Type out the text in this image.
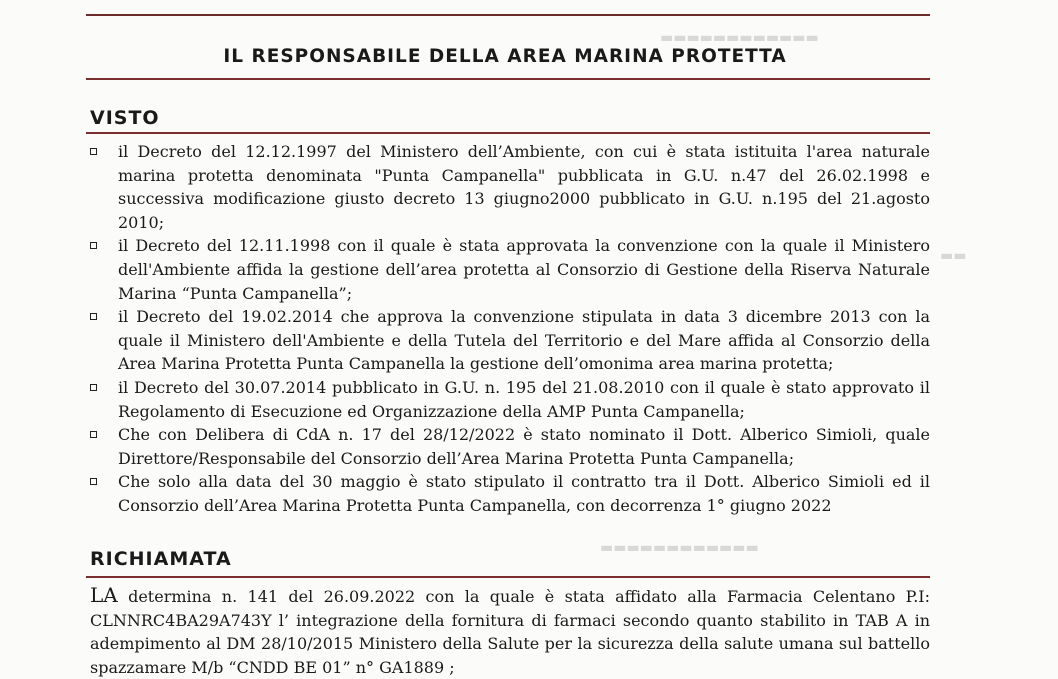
▬▬▬▬▬▬▬▬▬▬▬▬
▬▬
▬▬▬▬▬▬▬▬▬▬▬▬
IL RESPONSABILE DELLA AREA MARINA PROTETTA
VISTO
il Decreto del 12.12.1997 del Ministero dell’Ambiente, con cui è stata istituita l'area naturale marina protetta denominata "Punta Campanella" pubblicata in G.U. n.47 del 26.02.1998 e successiva modificazione giusto decreto 13 giugno2000 pubblicato in G.U. n.195 del 21.agosto 2010;
il Decreto del 12.11.1998 con il quale è stata approvata la convenzione con la quale il Ministero dell'Ambiente affida la gestione dell’area protetta al Consorzio di Gestione della Riserva Naturale Marina “Punta Campanella”;
il Decreto del 19.02.2014 che approva la convenzione stipulata in data 3 dicembre 2013 con la quale il Ministero dell'Ambiente e della Tutela del Territorio e del Mare affida al Consorzio della Area Marina Protetta Punta Campanella la gestione dell’omonima area marina protetta;
il Decreto del 30.07.2014 pubblicato in G.U. n. 195 del 21.08.2010 con il quale è stato approvato il Regolamento di Esecuzione ed Organizzazione della AMP Punta Campanella;
Che con Delibera di CdA n. 17 del 28/12/2022 è stato nominato il Dott. Alberico Simioli, quale Direttore/Responsabile del Consorzio dell’Area Marina Protetta Punta Campanella;
Che solo alla data del 30 maggio è stato stipulato il contratto tra il Dott. Alberico Simioli ed il Consorzio dell’Area Marina Protetta Punta Campanella, con decorrenza 1° giugno 2022
RICHIAMATA
LA determina n. 141 del 26.09.2022 con la quale è stata affidato alla Farmacia Celentano P.I: CLNNRC4BA29A743Y l’ integrazione della fornitura di farmaci secondo quanto stabilito in TAB A in adempimento al DM 28/10/2015 Ministero della Salute per la sicurezza della salute umana sul battello spazzamare M/b “CNDD BE 01” n° GA1889 ;
